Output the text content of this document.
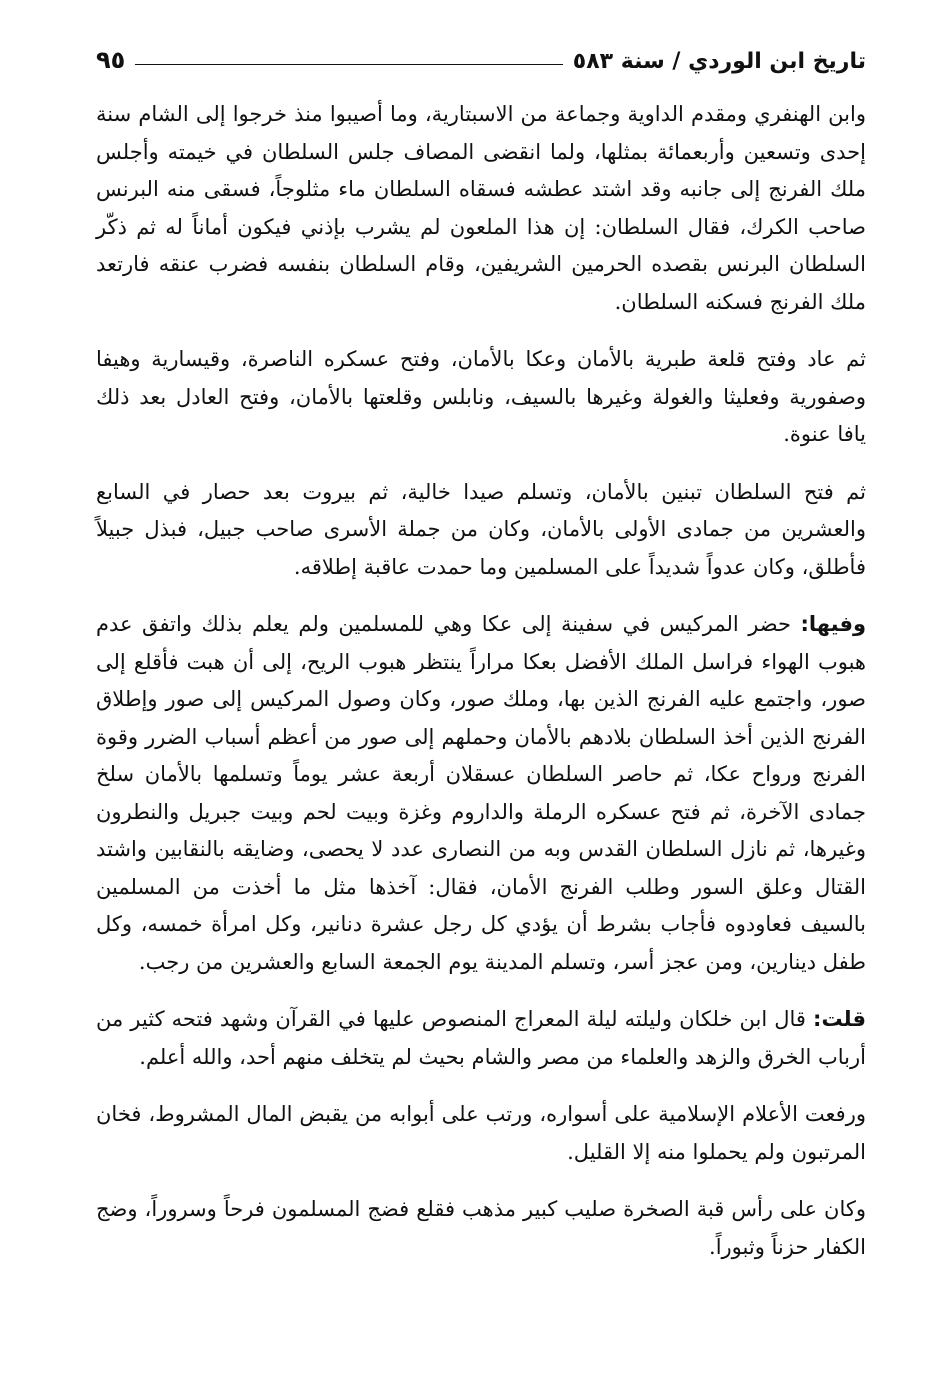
تاريخ ابن الوردي / سنة ٥٨٣
٩٥

وابن الهنفري ومقدم الداوية وجماعة من الاسبتارية، وما أصيبوا منذ خرجوا إلى الشام سنة إحدى وتسعين وأربعمائة بمثلها، ولما انقضى المصاف جلس السلطان في خيمته وأجلس ملك الفرنج إلى جانبه وقد اشتد عطشه فسقاه السلطان ماء مثلوجاً، فسقى منه البرنس صاحب الكرك، فقال السلطان: إن هذا الملعون لم يشرب بإذني فيكون أماناً له ثم ذكّر السلطان البرنس بقصده الحرمين الشريفين، وقام السلطان بنفسه فضرب عنقه فارتعد ملك الفرنج فسكنه السلطان.

ثم عاد وفتح قلعة طبرية بالأمان وعكا بالأمان، وفتح عسكره الناصرة، وقيسارية وهيفا وصفورية وفعليثا والغولة وغيرها بالسيف، ونابلس وقلعتها بالأمان، وفتح العادل بعد ذلك يافا عنوة.

ثم فتح السلطان تبنين بالأمان، وتسلم صيدا خالية، ثم بيروت بعد حصار في السابع والعشرين من جمادى الأولى بالأمان، وكان من جملة الأسرى صاحب جبيل، فبذل جبيلاً فأطلق، وكان عدواً شديداً على المسلمين وما حمدت عاقبة إطلاقه.

وفيها: حضر المركيس في سفينة إلى عكا وهي للمسلمين ولم يعلم بذلك واتفق عدم هبوب الهواء فراسل الملك الأفضل بعكا مراراً ينتظر هبوب الريح، إلى أن هبت فأقلع إلى صور، واجتمع عليه الفرنج الذين بها، وملك صور، وكان وصول المركيس إلى صور وإطلاق الفرنج الذين أخذ السلطان بلادهم بالأمان وحملهم إلى صور من أعظم أسباب الضرر وقوة الفرنج ورواح عكا، ثم حاصر السلطان عسقلان أربعة عشر يوماً وتسلمها بالأمان سلخ جمادى الآخرة، ثم فتح عسكره الرملة والداروم وغزة وبيت لحم وبيت جبريل والنطرون وغيرها، ثم نازل السلطان القدس وبه من النصارى عدد لا يحصى، وضايقه بالنقابين واشتد القتال وعلق السور وطلب الفرنج الأمان، فقال: آخذها مثل ما أخذت من المسلمين بالسيف فعاودوه فأجاب بشرط أن يؤدي كل رجل عشرة دنانير، وكل امرأة خمسه، وكل طفل دينارين، ومن عجز أسر، وتسلم المدينة يوم الجمعة السابع والعشرين من رجب.

قلت: قال ابن خلكان وليلته ليلة المعراج المنصوص عليها في القرآن وشهد فتحه كثير من أرباب الخرق والزهد والعلماء من مصر والشام بحيث لم يتخلف منهم أحد، والله أعلم.

ورفعت الأعلام الإسلامية على أسواره، ورتب على أبوابه من يقبض المال المشروط، فخان المرتبون ولم يحملوا منه إلا القليل.

وكان على رأس قبة الصخرة صليب كبير مذهب فقلع فضج المسلمون فرحاً وسروراً، وضج الكفار حزناً وثبوراً.
